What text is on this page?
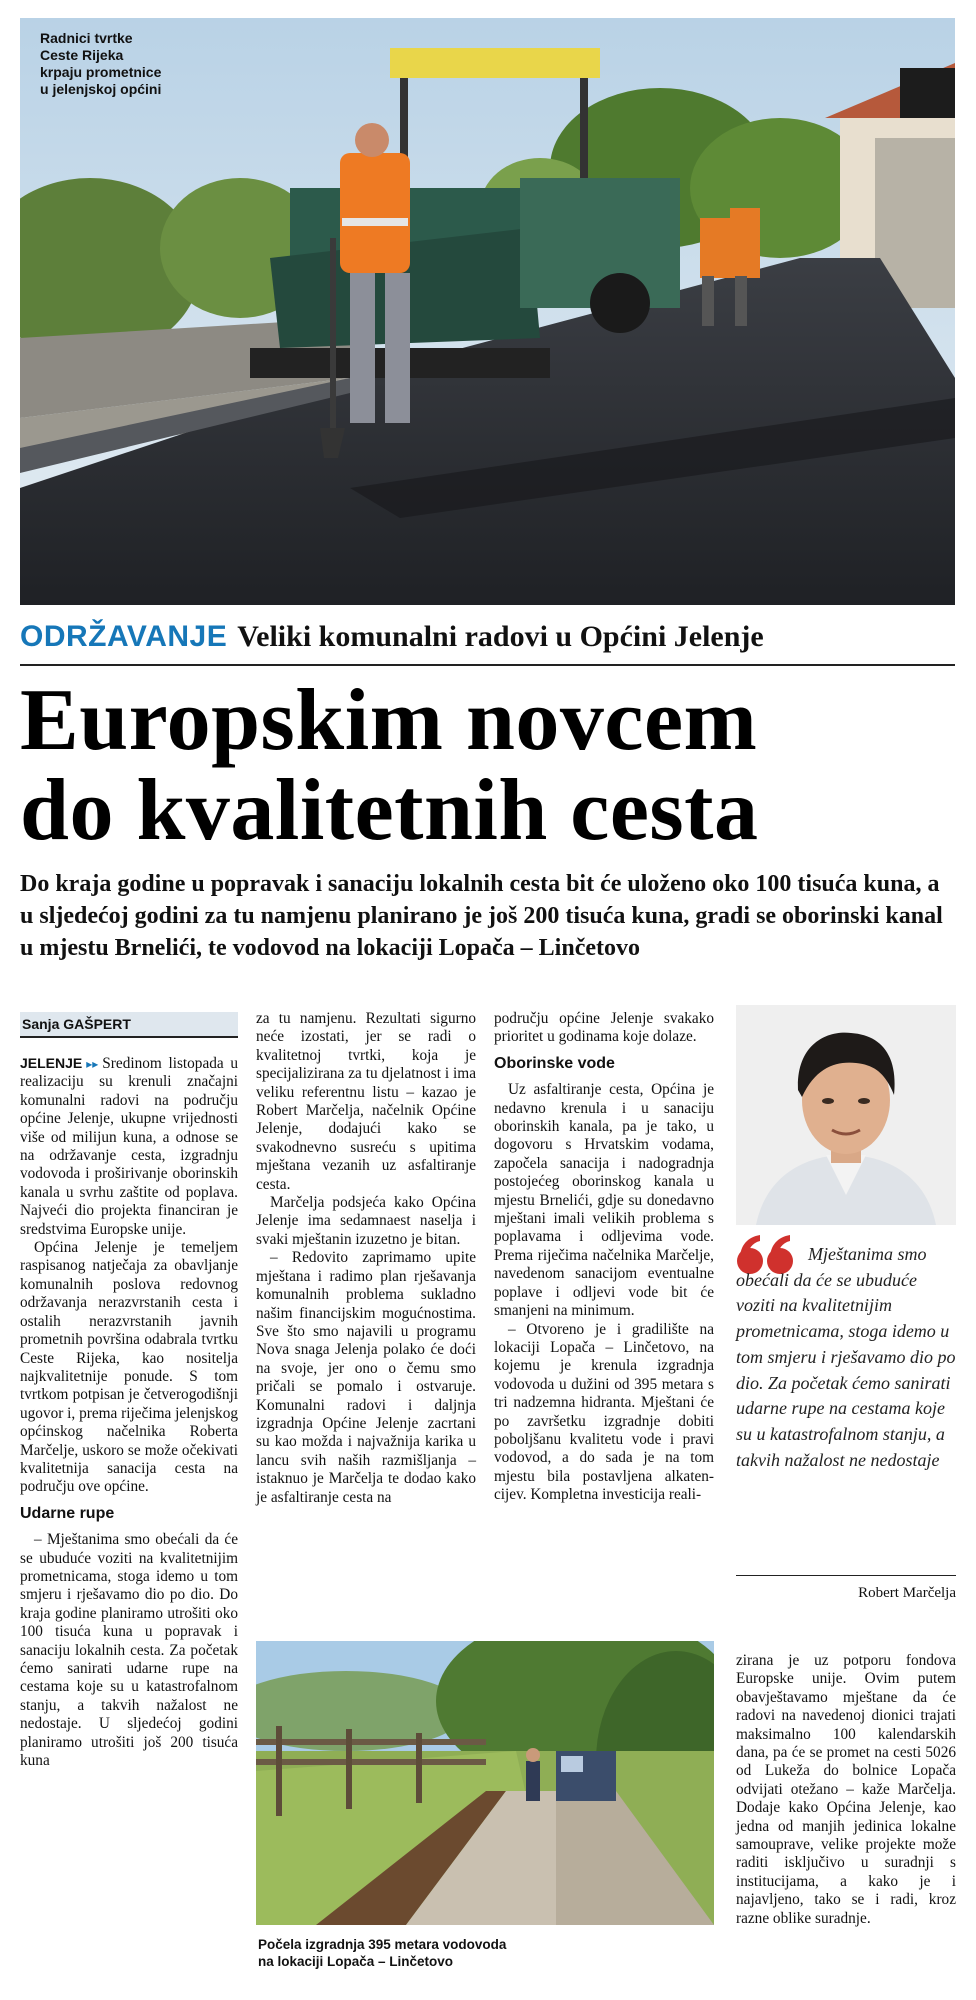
Radnici tvrtke
Ceste Rijeka
krpaju prometnice
u jelenjskoj općini
ODRŽAVANJE Veliki komunalni radovi u Općini Jelenje
Europskim novcem
do kvalitetnih cesta
Do kraja godine u popravak i sanaciju lokalnih cesta bit će uloženo oko 100 tisuća kuna, a u sljedećoj godini za tu namjenu planirano je još 200 tisuća kuna, gradi se oborinski kanal u mjestu Brnelići, te vodovod na lokaciji Lopača – Linčetovo
Sanja GAŠPERT

JELENJE ▸▸ Sredinom listopada u realizaciju su krenuli značajni komunalni radovi na području općine Jelenje, ukupne vrijednosti više od milijun kuna, a odnose se na održavanje cesta, izgradnju vodovoda i proširivanje oborinskih kanala u svrhu zaštite od poplava. Najveći dio projekta financiran je sredstvima Europske unije.

Općina Jelenje je temeljem raspisanog natječaja za obavljanje komunalnih poslova redovnog održavanja nerazvrstanih cesta i ostalih nerazvrstanih javnih prometnih površina odabrala tvrtku Ceste Rijeka, kao nositelja najkvalitetnije ponude. S tom tvrtkom potpisan je četverogodišnji ugovor i, prema riječima jelenjskog općinskog načelnika Roberta Marčelje, uskoro se može očekivati kvalitetnija sanacija cesta na području ove općine.

Udarne rupe

– Mještanima smo obećali da će se ubuduće voziti na kvalitetnijim prometnicama, stoga idemo u tom smjeru i rješavamo dio po dio. Do kraja godine planiramo utrošiti oko 100 tisuća kuna u popravak i sanaciju lokalnih cesta. Za početak ćemo sanirati udarne rupe na cestama koje su u katastrofalnom stanju, a takvih nažalost ne nedostaje. U sljedećoj godini planiramo utrošiti još 200 tisuća kuna

za tu namjenu. Rezultati sigurno neće izostati, jer se radi o kvalitetnoj tvrtki, koja je specijalizirana za tu djelatnost i ima veliku referentnu listu – kazao je Robert Marčelja, načelnik Općine Jelenje, dodajući kako se svakodnevno susreću s upitima mještana vezanih uz asfaltiranje cesta.

Marčelja podsjeća kako Općina Jelenje ima sedamnaest naselja i svaki mještanin izuzetno je bitan.

– Redovito zaprimamo upite mještana i radimo plan rješavanja komunalnih problema sukladno našim financijskim mogućnostima. Sve što smo najavili u programu Nova snaga Jelenja polako će doći na svoje, jer ono o čemu smo pričali se pomalo i ostvaruje. Komunalni radovi i daljnja izgradnja Općine Jelenje zacrtani su kao možda i najvažnija karika u lancu svih naših razmišljanja – istaknuo je Marčelja te dodao kako je asfaltiranje cesta na

području općine Jelenje svakako prioritet u godinama koje dolaze.

Oborinske vode

Uz asfaltiranje cesta, Općina je nedavno krenula i u sanaciju oborinskih kanala, pa je tako, u dogovoru s Hrvatskim vodama, započela sanacija i nadogradnja postojećeg oborinskog kanala u mjestu Brnelići, gdje su donedavno mještani imali velikih problema s poplavama i odljevima vode. Prema riječima načelnika Marčelje, navedenom sanacijom eventualne poplave i odljevi vode bit će smanjeni na minimum.

– Otvoreno je i gradilište na lokaciji Lopača – Linčetovo, na kojemu je krenula izgradnja vodovoda u dužini od 395 metara s tri nadzemna hidranta. Mještani će po završetku izgradnje dobiti poboljšanu kvalitetu vode i pravi vodovod, a do sada je na tom mjestu bila postavljena alkaten-cijev. Kompletna investicija reali-

Mještanima smo obećali da će se ubuduće voziti na kvalitetnijim prometnicama, stoga idemo u tom smjeru i rješavamo dio po dio. Za početak ćemo sanirati udarne rupe na cestama koje su u katastrofalnom stanju, a takvih nažalost ne nedostaje
Robert Marčelja
Počela izgradnja 395 metara vodovoda
na lokaciji Lopača – Linčetovo

zirana je uz potporu fondova Europske unije. Ovim putem obavještavamo mještane da će radovi na navedenoj dionici trajati maksimalno 100 kalendarskih dana, pa će se promet na cesti 5026 od Lukeža do bolnice Lopača odvijati otežano – kaže Marčelja. Dodaje kako Općina Jelenje, kao jedna od manjih jedinica lokalne samouprave, velike projekte može raditi isključivo u suradnji s institucijama, a kako je i najavljeno, tako se i radi, kroz razne oblike suradnje.
